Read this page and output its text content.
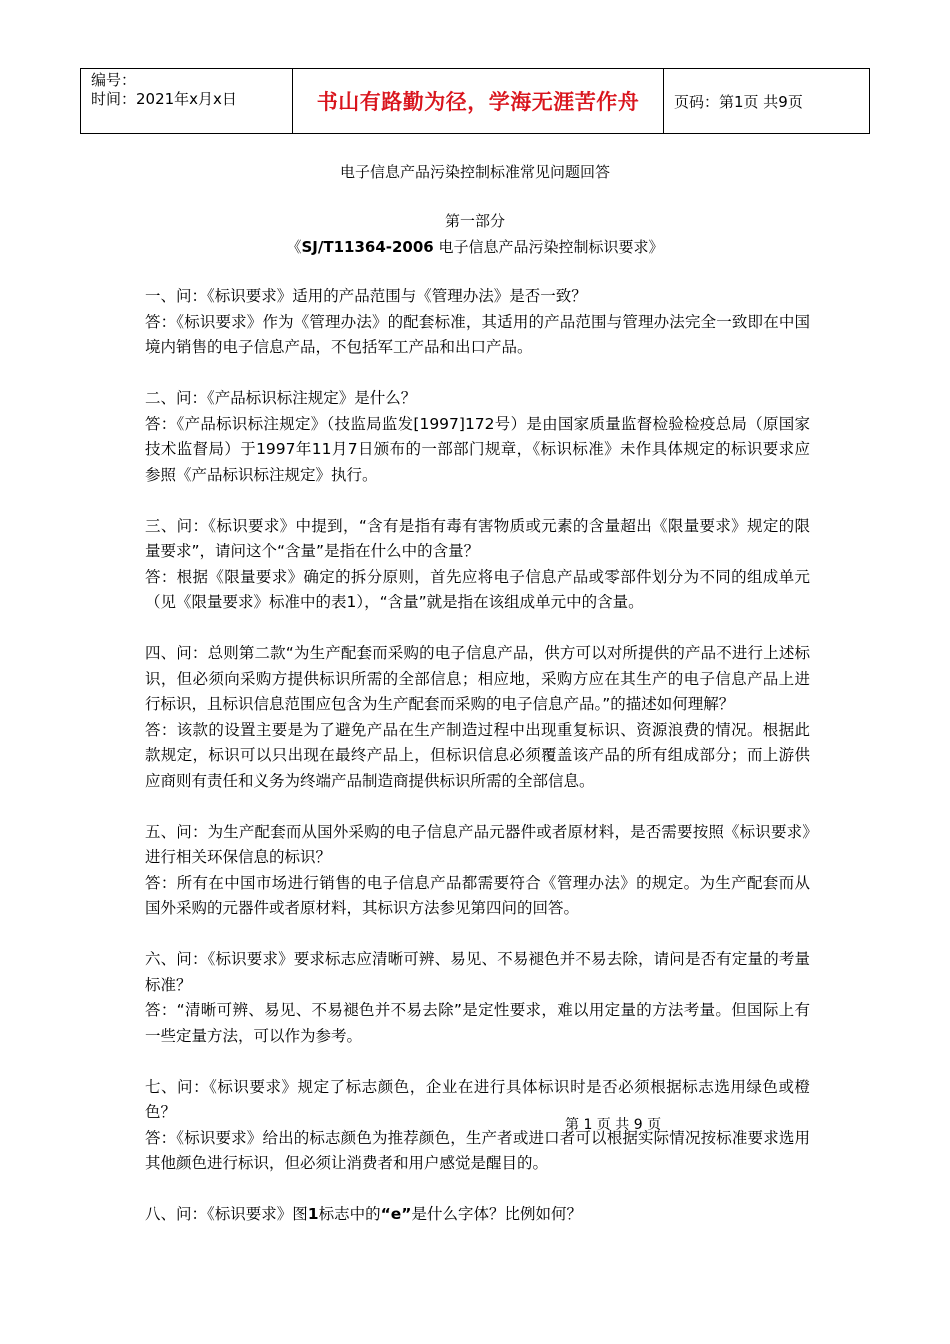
编号：
时间：2021年x月x日	书山有路勤为径，学海无涯苦作舟	页码：第1页 共9页
电子信息产品污染控制标准常见问题回答
第一部分
《SJ/T11364-2006 电子信息产品污染控制标识要求》

一、问：《标识要求》适用的产品范围与《管理办法》是否一致？

答：《标识要求》作为《管理办法》的配套标准，其适用的产品范围与管理办法完全一致即在中国境内销售的电子信息产品，不包括军工产品和出口产品。

二、问：《产品标识标注规定》是什么？

答：《产品标识标注规定》（技监局监发[1997]172号）是由国家质量监督检验检疫总局（原国家技术监督局）于1997年11月7日颁布的一部部门规章，《标识标准》未作具体规定的标识要求应参照《产品标识标注规定》执行。

三、问：《标识要求》中提到，“含有是指有毒有害物质或元素的含量超出《限量要求》规定的限量要求”，请问这个“含量”是指在什么中的含量？

答：根据《限量要求》确定的拆分原则，首先应将电子信息产品或零部件划分为不同的组成单元（见《限量要求》标准中的表1），“含量”就是指在该组成单元中的含量。

四、问：总则第二款“为生产配套而采购的电子信息产品，供方可以对所提供的产品不进行上述标识，但必须向采购方提供标识所需的全部信息；相应地，采购方应在其生产的电子信息产品上进行标识，且标识信息范围应包含为生产配套而采购的电子信息产品。”的描述如何理解？

答：该款的设置主要是为了避免产品在生产制造过程中出现重复标识、资源浪费的情况。根据此款规定，标识可以只出现在最终产品上，但标识信息必须覆盖该产品的所有组成部分；而上游供应商则有责任和义务为终端产品制造商提供标识所需的全部信息。

五、问：为生产配套而从国外采购的电子信息产品元器件或者原材料，是否需要按照《标识要求》进行相关环保信息的标识？

答：所有在中国市场进行销售的电子信息产品都需要符合《管理办法》的规定。为生产配套而从国外采购的元器件或者原材料，其标识方法参见第四问的回答。

六、问：《标识要求》要求标志应清晰可辨、易见、不易褪色并不易去除，请问是否有定量的考量标准？

答：“清晰可辨、易见、不易褪色并不易去除”是定性要求，难以用定量的方法考量。但国际上有一些定量方法，可以作为参考。

七、问：《标识要求》规定了标志颜色，企业在进行具体标识时是否必须根据标志选用绿色或橙色？

答：《标识要求》给出的标志颜色为推荐颜色，生产者或进口者可以根据实际情况按标准要求选用其他颜色进行标识，但必须让消费者和用户感觉是醒目的。

八、问：《标识要求》图1标志中的“e”是什么字体？比例如何？

第 1 页 共 9 页
